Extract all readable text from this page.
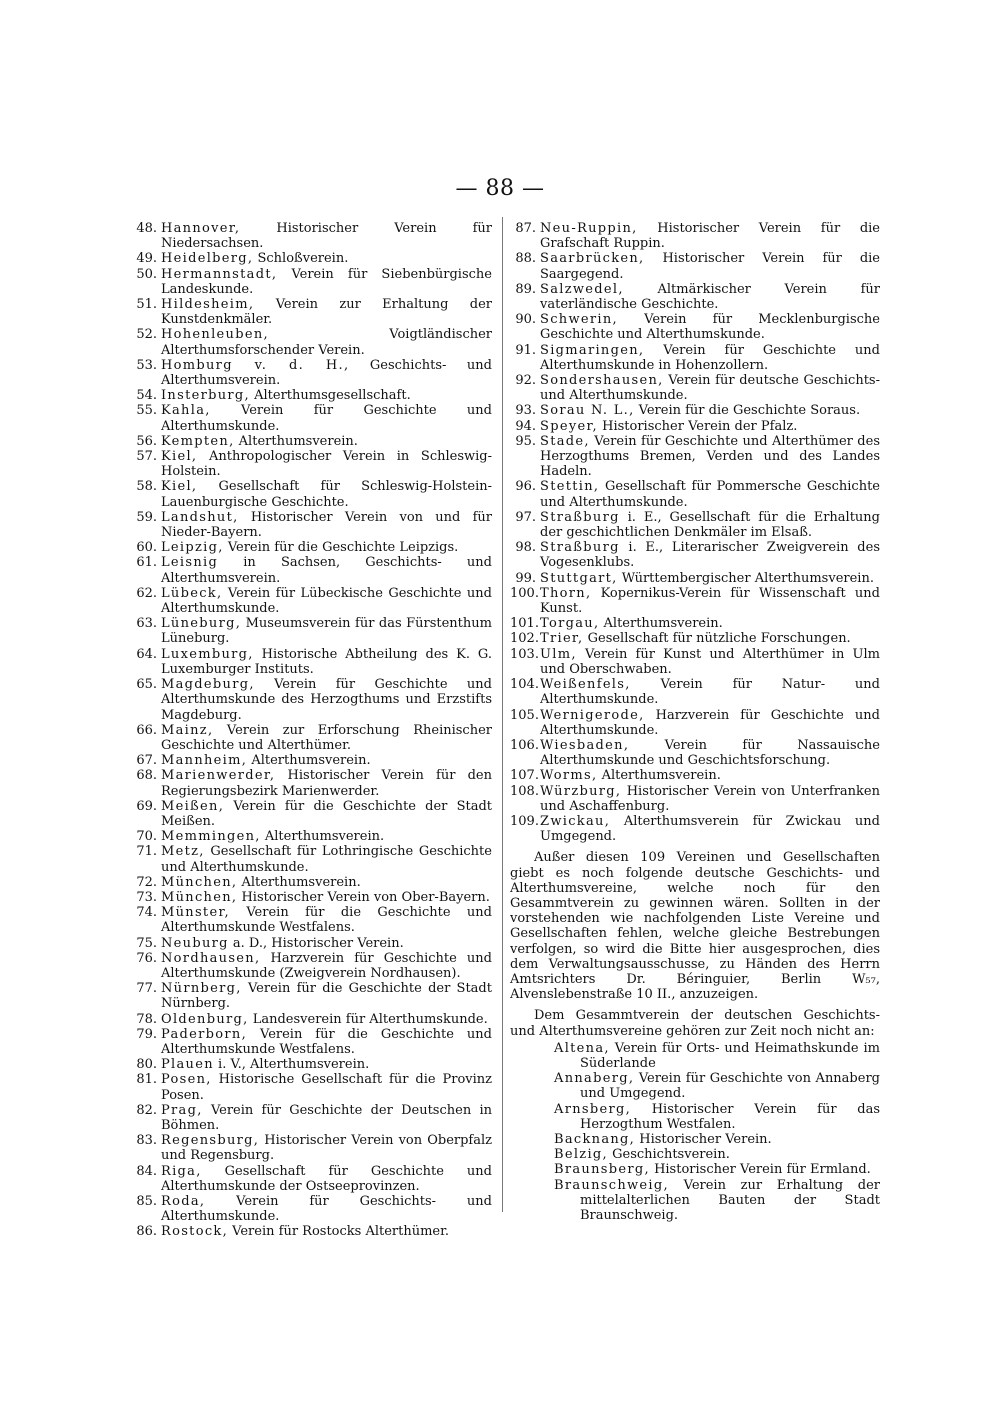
— 88 —

48. Hannover,	Historischer Verein für Niedersachsen.

49. Heidelberg, Schloßverein.

50. Hermannstadt, Verein für Siebenbürgische Landeskunde.

51. Hildesheim, Verein zur Erhaltung der Kunstdenkmäler.

52. Hohenleuben,	Voigtländischer Alterthumsforschender Verein.

53. Homburg v. d. H., Geschichts- und Alterthumsverein.

54. Insterburg, Alterthumsgesellschaft.

55. Kahla, Verein für Geschichte und Alterthumskunde.

56. Kempten, Alterthumsverein.

57. Kiel, Anthropologischer Verein in Schleswig-Holstein.

58. Kiel, Gesellschaft für Schleswig-Holstein-Lauenburgische Geschichte.

59. Landshut, Historischer Verein von und für Nieder-Bayern.

60. Leipzig, Verein für die Geschichte Leipzigs.

61. Leisnig in Sachsen, Geschichts- und Alterthumsverein.

62. Lübeck, Verein für Lübeckische Geschichte und Alterthumskunde.

63. Lüneburg, Museumsverein für das Fürstenthum Lüneburg.

64. Luxemburg, Historische Abtheilung des K. G. Luxemburger Instituts.

65. Magdeburg, Verein für Geschichte und Alterthumskunde des Herzogthums und Erzstifts Magdeburg.

66. Mainz, Verein zur Erforschung Rheinischer Geschichte und Alterthümer.

67. Mannheim, Alterthumsverein.

68. Marienwerder, Historischer Verein für den Regierungsbezirk Marienwerder.

69. Meißen, Verein für die Geschichte der Stadt Meißen.

70. Memmingen, Alterthumsverein.

71. Metz, Gesellschaft für Lothringische Geschichte und Alterthumskunde.

72. München, Alterthumsverein.

73. München, Historischer Verein von Ober-Bayern.

74. Münster, Verein für die Geschichte und Alterthumskunde Westfalens.

75. Neuburg a. D., Historischer Verein.

76. Nordhausen, Harzverein für Geschichte und Alterthumskunde (Zweigverein Nordhausen).

77. Nürnberg, Verein für die Geschichte der Stadt Nürnberg.

78. Oldenburg, Landesverein für Alterthumskunde.

79. Paderborn, Verein für die Geschichte und Alterthumskunde Westfalens.

80. Plauen i. V., Alterthumsverein.

81. Posen, Historische Gesellschaft für die Provinz Posen.

82. Prag, Verein für Geschichte der Deutschen in Böhmen.

83. Regensburg, Historischer Verein von Oberpfalz und Regensburg.

84. Riga, Gesellschaft für Geschichte und Alterthumskunde der Ostseeprovinzen.

85. Roda, Verein für Geschichts- und Alterthumskunde.

86. Rostock, Verein für Rostocks Alterthümer.

87. Neu-Ruppin, Historischer Verein für die Grafschaft Ruppin.

88. Saarbrücken, Historischer Verein für die Saargegend.

89. Salzwedel,	Altmärkischer Verein für vaterländische Geschichte.

90. Schwerin, Verein für Mecklenburgische Geschichte und Alterthumskunde.

91. Sigmaringen, Verein für Geschichte und Alterthumskunde in Hohenzollern.

92. Sondershausen, Verein für deutsche Geschichts- und Alterthumskunde.

93. Sorau N. L., Verein für die Geschichte Soraus.

94. Speyer, Historischer Verein der Pfalz.

95. Stade, Verein für Geschichte und Alterthümer des Herzogthums Bremen, Verden und des Landes Hadeln.

96. Stettin, Gesellschaft für Pommersche Geschichte und Alterthumskunde.

97. Straßburg i. E., Gesellschaft für die Erhaltung der geschichtlichen Denkmäler im Elsaß.

98. Straßburg i. E., Literarischer Zweigverein des Vogesenklubs.

99. Stuttgart, Württembergischer Alterthumsverein.

100. Thorn, Kopernikus-Verein für Wissenschaft und Kunst.

101. Torgau, Alterthumsverein.

102. Trier, Gesellschaft für nützliche Forschungen.

103. Ulm, Verein für Kunst und Alterthümer in Ulm und Oberschwaben.

104. Weißenfels, Verein für Natur- und Alterthumskunde.

105. Wernigerode, Harzverein für Geschichte und Alterthumskunde.

106. Wiesbaden,	Verein für Nassauische Alterthumskunde und Geschichtsforschung.

107. Worms, Alterthumsverein.

108. Würzburg, Historischer Verein von Unterfranken und Aschaffenburg.

109. Zwickau, Alterthumsverein für Zwickau und Umgegend.

Außer diesen 109 Vereinen und Gesellschaften giebt es noch folgende deutsche Geschichts- und Alterthumsvereine, welche noch für den Gesammtverein zu gewinnen wären. Sollten in der vorstehenden wie nachfolgenden Liste Vereine und Gesellschaften fehlen, welche gleiche Bestrebungen verfolgen, so wird die Bitte hier ausgesprochen, dies dem Verwaltungsausschusse, zu Händen des Herrn Amtsrichters Dr. Béringuier, Berlin W₅₇, Alvenslebenstraße 10 II., anzuzeigen.

Dem Gesammtverein der deutschen Geschichts- und Alterthumsvereine gehören zur Zeit noch nicht an:

Altena, Verein für Orts- und Heimathskunde im Süderlande

Annaberg, Verein für Geschichte von Annaberg und Umgegend.

Arnsberg, Historischer Verein für das Herzogthum Westfalen.

Backnang, Historischer Verein.

Belzig, Geschichtsverein.

Braunsberg, Historischer Verein für Ermland.

Braunschweig, Verein zur Erhaltung der mittelalterlichen Bauten der Stadt Braunschweig.
